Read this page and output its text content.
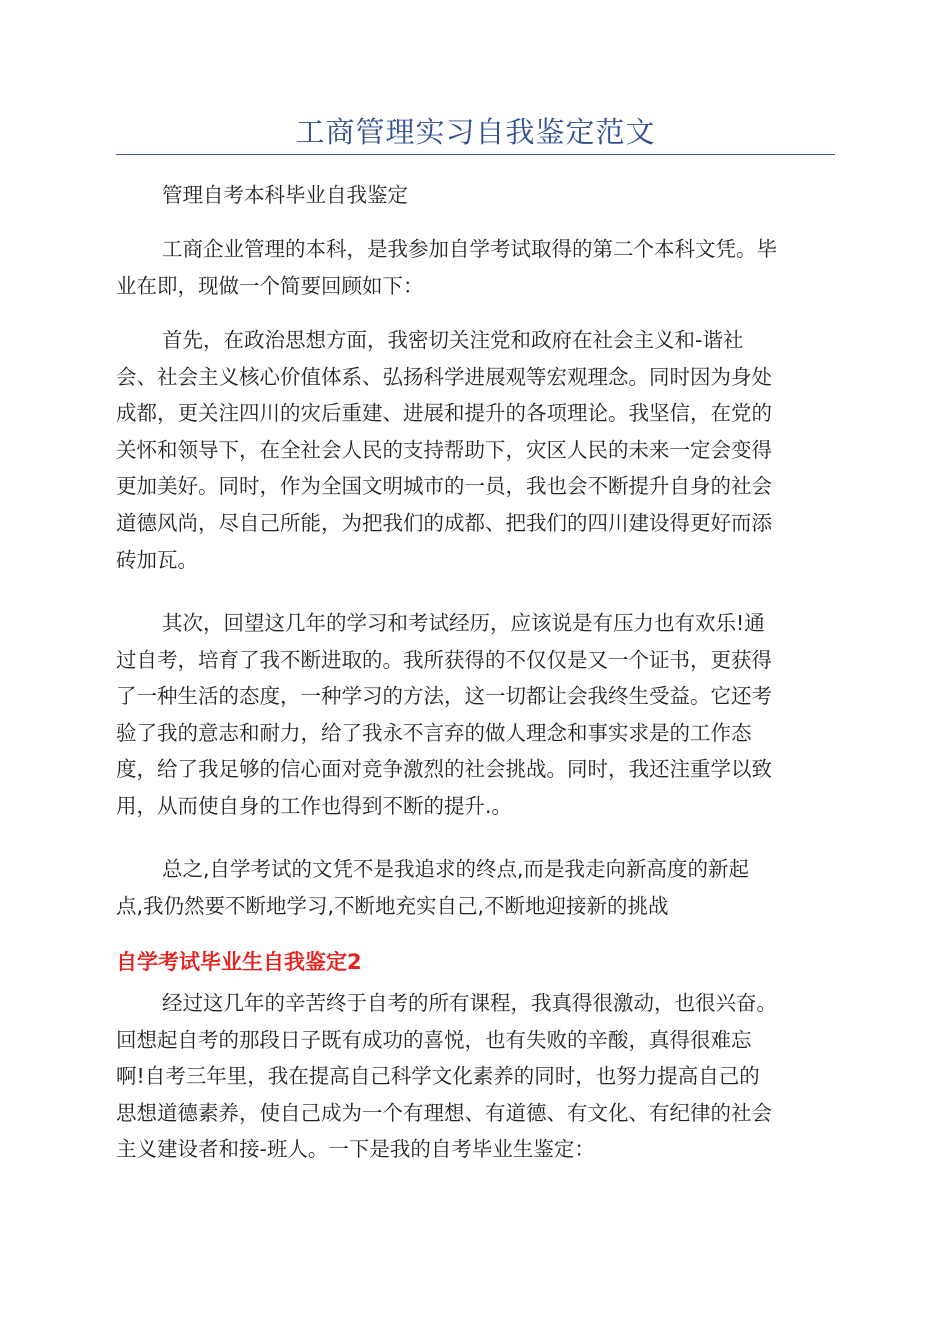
工商管理实习自我鉴定范文
管理自考本科毕业自我鉴定
工商企业管理的本科，是我参加自学考试取得的第二个本科文凭。毕
业在即，现做一个简要回顾如下：
首先，在政治思想方面，我密切关注党和政府在社会主义和-谐社
会、社会主义核心价值体系、弘扬科学进展观等宏观理念。同时因为身处
成都，更关注四川的灾后重建、进展和提升的各项理论。我坚信，在党的
关怀和领导下，在全社会人民的支持帮助下，灾区人民的未来一定会变得
更加美好。同时，作为全国文明城市的一员，我也会不断提升自身的社会
道德风尚，尽自己所能，为把我们的成都、把我们的四川建设得更好而添
砖加瓦。
其次，回望这几年的学习和考试经历，应该说是有压力也有欢乐!通
过自考，培育了我不断进取的。我所获得的不仅仅是又一个证书，更获得
了一种生活的态度，一种学习的方法，这一切都让会我终生受益。它还考
验了我的意志和耐力，给了我永不言弃的做人理念和事实求是的工作态
度，给了我足够的信心面对竞争激烈的社会挑战。同时，我还注重学以致
用，从而使自身的工作也得到不断的提升.。
总之,自学考试的文凭不是我追求的终点,而是我走向新高度的新起
点,我仍然要不断地学习,不断地充实自己,不断地迎接新的挑战
自学考试毕业生自我鉴定2
经过这几年的辛苦终于自考的所有课程，我真得很激动，也很兴奋。
回想起自考的那段日子既有成功的喜悦，也有失败的辛酸，真得很难忘
啊!自考三年里，我在提高自己科学文化素养的同时，也努力提高自己的
思想道德素养，使自己成为一个有理想、有道德、有文化、有纪律的社会
主义建设者和接-班人。一下是我的自考毕业生鉴定：
